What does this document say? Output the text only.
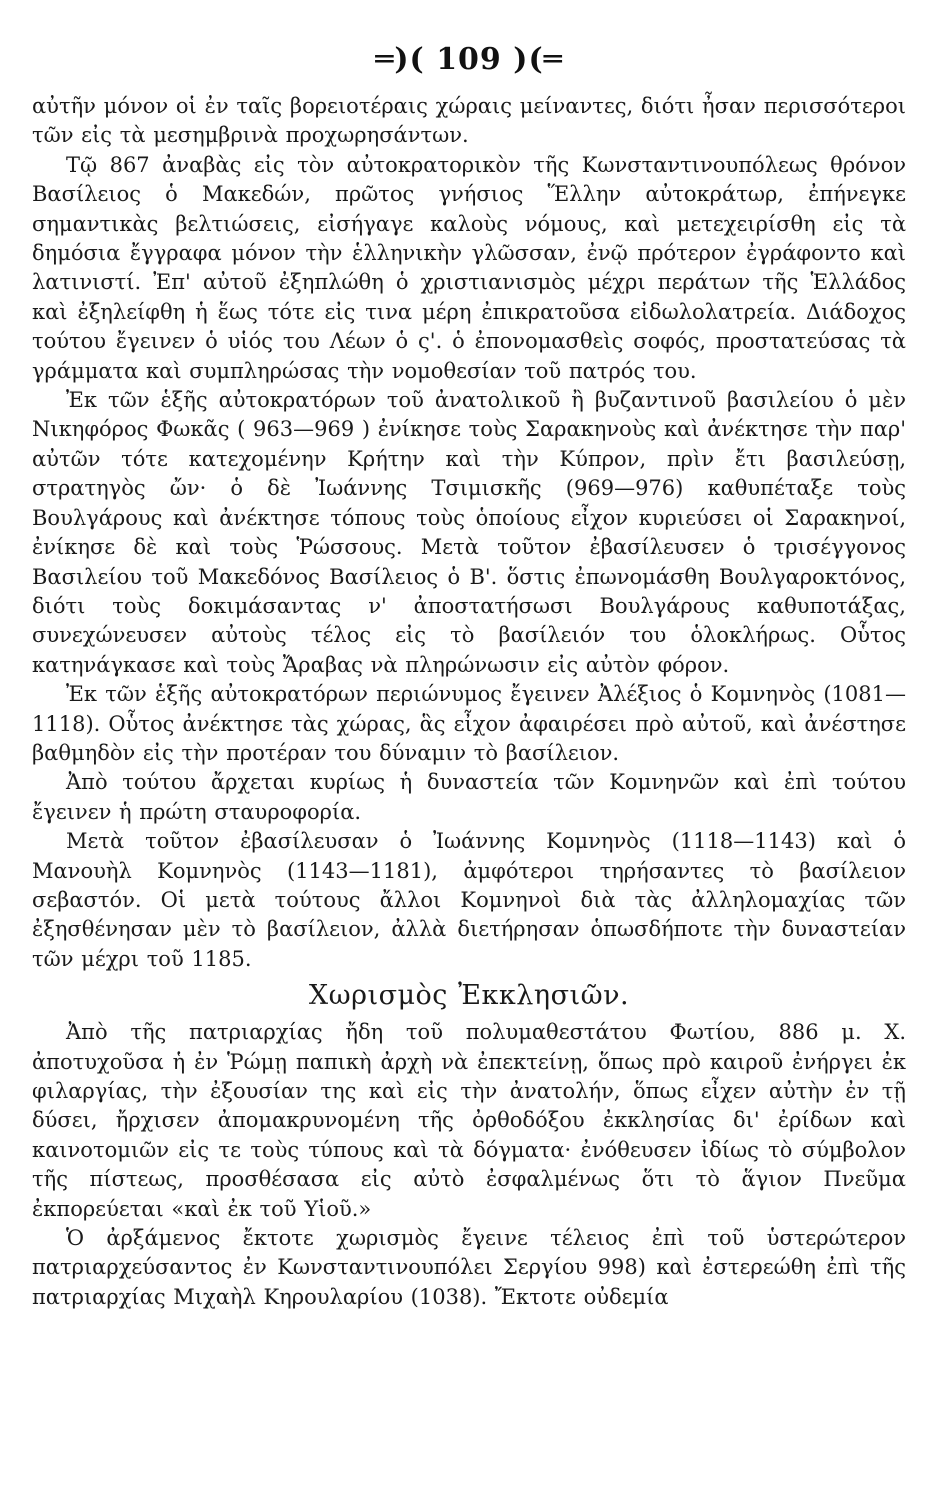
═)( 109 )(═

αὐτῆν μόνον οἱ ἐν ταῖς βορειοτέραις χώραις μείναντες, διότι ἦσαν περισσότεροι τῶν εἰς τὰ μεσημβρινὰ προχωρησάντων.

Τῷ 867 ἀναβὰς εἰς τὸν αὐτοκρατορικὸν τῆς Κωνσταντινουπόλεως θρόνον Βασίλειος ὁ Μακεδών, πρῶτος γνήσιος Ἕλλην αὐτοκράτωρ, ἐπήνεγκε σημαντικὰς βελτιώσεις, εἰσήγαγε καλοὺς νόμους, καὶ μετεχειρίσθη εἰς τὰ δημόσια ἔγγραφα μόνον τὴν ἑλληνικὴν γλῶσσαν, ἐνῷ πρότερον ἐγράφοντο καὶ λατινιστί. Ἐπ' αὐτοῦ ἐξηπλώθη ὁ χριστιανισμὸς μέχρι περάτων τῆς Ἑλλάδος καὶ ἐξηλείφθη ἡ ἕως τότε εἰς τινα μέρη ἐπικρατοῦσα εἰδωλολατρεία. Διάδοχος τούτου ἔγεινεν ὁ υἱός του Λέων ὁ ς'. ὁ ἐπονομασθεὶς σοφός, προστατεύσας τὰ γράμματα καὶ συμπληρώσας τὴν νομοθεσίαν τοῦ πατρός του.

Ἐκ τῶν ἑξῆς αὐτοκρατόρων τοῦ ἀνατολικοῦ ἢ βυζαντινοῦ βασιλείου ὁ μὲν Νικηφόρος Φωκᾶς ( 963—969 ) ἐνίκησε τοὺς Σαρακηνοὺς καὶ ἀνέκτησε τὴν παρ' αὐτῶν τότε κατεχομένην Κρήτην καὶ τὴν Κύπρον, πρὶν ἔτι βασιλεύσῃ, στρατηγὸς ὤν· ὁ δὲ Ἰωάννης Τσιμισκῆς (969—976) καθυπέταξε τοὺς Βουλγάρους καὶ ἀνέκτησε τόπους τοὺς ὁποίους εἶχον κυριεύσει οἱ Σαρακηνοί, ἐνίκησε δὲ καὶ τοὺς Ῥώσσους. Μετὰ τοῦτον ἐβασίλευσεν ὁ τρισέγγονος Βασιλείου τοῦ Μακεδόνος Βασίλειος ὁ Β'. ὅστις ἐπωνομάσθη Βουλγαροκτόνος, διότι τοὺς δοκιμάσαντας ν' ἀποστατήσωσι Βουλγάρους καθυποτάξας, συνεχώνευσεν αὐτοὺς τέλος εἰς τὸ βασίλειόν του ὁλοκλήρως. Οὗτος κατηνάγκασε καὶ τοὺς Ἄραβας νὰ πληρώνωσιν εἰς αὐτὸν φόρον.

Ἐκ τῶν ἑξῆς αὐτοκρατόρων περιώνυμος ἔγεινεν Ἀλέξιος ὁ Κομνηνὸς (1081—1118). Οὗτος ἀνέκτησε τὰς χώρας, ἃς εἶχον ἀφαιρέσει πρὸ αὐτοῦ, καὶ ἀνέστησε βαθμηδὸν εἰς τὴν προτέραν του δύναμιν τὸ βασίλειον.

Ἀπὸ τούτου ἄρχεται κυρίως ἡ δυναστεία τῶν Κομνηνῶν καὶ ἐπὶ τούτου ἔγεινεν ἡ πρώτη σταυροφορία.

Μετὰ τοῦτον ἐβασίλευσαν ὁ Ἰωάννης Κομνηνὸς (1118—1143) καὶ ὁ Μανουὴλ Κομνηνὸς (1143—1181), ἀμφότεροι τηρήσαντες τὸ βασίλειον σεβαστόν. Οἱ μετὰ τούτους ἄλλοι Κομνηνοὶ διὰ τὰς ἀλληλομαχίας τῶν ἐξησθένησαν μὲν τὸ βασίλειον, ἀλλὰ διετήρησαν ὁπωσδήποτε τὴν δυναστείαν τῶν μέχρι τοῦ 1185.

Χωρισμὸς Ἐκκλησιῶν.

Ἀπὸ τῆς πατριαρχίας ἤδη τοῦ πολυμαθεστάτου Φωτίου, 886 μ. Χ. ἀποτυχοῦσα ἡ ἐν Ῥώμῃ παπικὴ ἀρχὴ νὰ ἐπεκτείνῃ, ὅπως πρὸ καιροῦ ἐνήργει ἐκ φιλαργίας, τὴν ἐξουσίαν της καὶ εἰς τὴν ἀνατολήν, ὅπως εἶχεν αὐτὴν ἐν τῇ δύσει, ἤρχισεν ἀπομακρυνομένη τῆς ὀρθοδόξου ἐκκλησίας δι' ἐρίδων καὶ καινοτομιῶν εἰς τε τοὺς τύπους καὶ τὰ δόγματα· ἐνόθευσεν ἰδίως τὸ σύμβολον τῆς πίστεως, προσθέσασα εἰς αὐτὸ ἐσφαλμένως ὅτι τὸ ἅγιον Πνεῦμα ἐκπορεύεται «καὶ ἐκ τοῦ Υἱοῦ.»

Ὁ ἀρξάμενος ἔκτοτε χωρισμὸς ἔγεινε τέλειος ἐπὶ τοῦ ὑστερώτερον πατριαρχεύσαντος ἐν Κωνσταντινουπόλει Σεργίου 998) καὶ ἐστερεώθη ἐπὶ τῆς πατριαρχίας Μιχαὴλ Κηρουλαρίου (1038). Ἔκτοτε οὐδεμία
